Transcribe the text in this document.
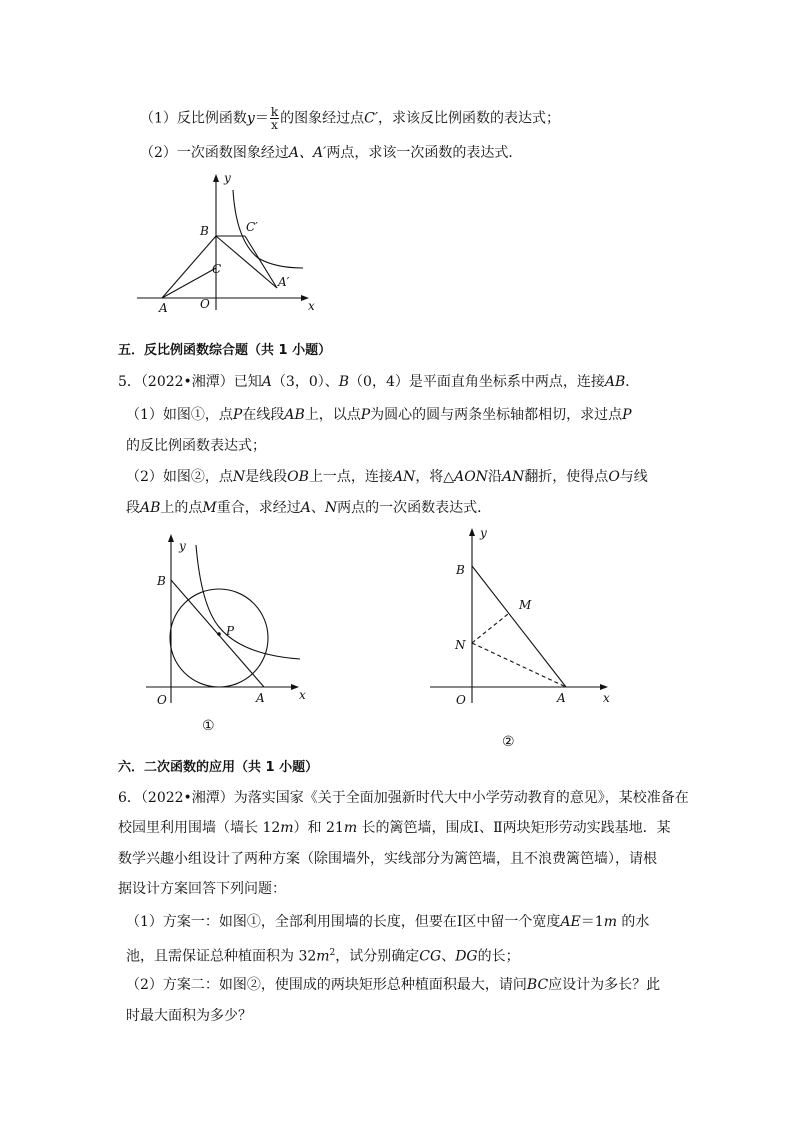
（1）反比例函数$y= \frac{k}{x}$ 的图象经过点C′，求该反比例函数的表达式；
（2）一次函数图象经过A、A′两点，求该一次函数的表达式．
y
x
B	C′
C
A′
A	O
五．反比例函数综合题（共 1 小题）
5．（2022•湘潭）已知A（3，0）、B（0，4）是平面直角坐标系中两点，连接AB．
（1）如图①，点P在线段AB上，以点P为圆心的圆与两条坐标轴都相切，求过点P
的反比例函数表达式；
（2）如图②，点N是线段OB上一点，连接AN，将△AON沿AN翻折，使得点O与线
段AB上的点M重合，求经过A、N两点的一次函数表达式．
y
x
B
P
O	A
①
y
x
B
M
N
O	A
②
六．二次函数的应用（共 1 小题）
6．（2022•湘潭）为落实国家《关于全面加强新时代大中小学劳动教育的意见》，某校准备在
校园里利用围墙（墙长 12m）和 21m 长的篱笆墙，围成Ⅰ、Ⅱ两块矩形劳动实践基地．某
数学兴趣小组设计了两种方案（除围墙外，实线部分为篱笆墙，且不浪费篱笆墙），请根
据设计方案回答下列问题：
（1）方案一：如图①，全部利用围墙的长度，但要在Ⅰ区中留一个宽度AE＝1m 的水
池，且需保证总种植面积为 $32m^2$，试分别确定CG、DG的长；
（2）方案二：如图②，使围成的两块矩形总种植面积最大，请问BC应设计为多长？此
时最大面积为多少？
